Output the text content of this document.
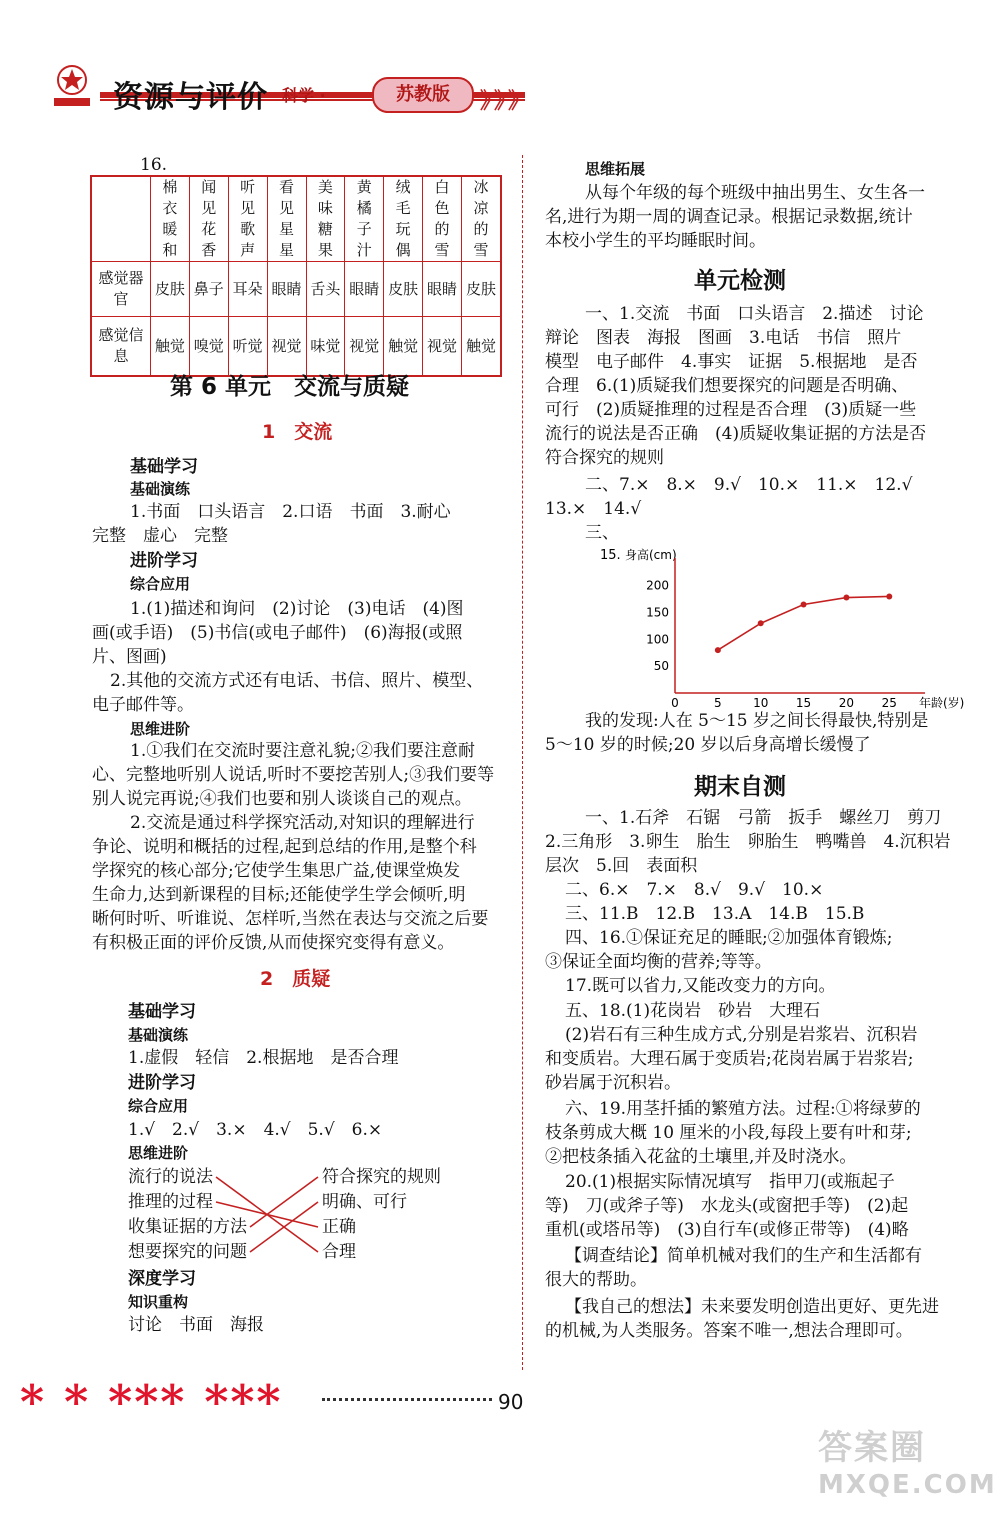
资源与评价 科学 ·	苏教版	》》》
16.
	棉衣暖和	闻见花香	听见歌声	看见星星	美味糖果	黄橘子汁	绒毛玩偶	白色的雪	冰凉的雪
感觉器官	皮肤	鼻子	耳朵	眼睛	舌头	眼睛	皮肤	眼睛	皮肤
感觉信息	触觉	嗅觉	听觉	视觉	味觉	视觉	触觉	视觉	触觉
第 6 单元　交流与质疑
1　交流
基础学习
基础演练
1.书面　口头语言　2.口语　书面　3.耐心
完整　虚心　完整
进阶学习
综合应用
1.(1)描述和询问　(2)讨论　(3)电话　(4)图
画(或手语)　(5)书信(或电子邮件)　(6)海报(或照
片、图画)
2.其他的交流方式还有电话、书信、照片、模型、
电子邮件等。
思维进阶
1.①我们在交流时要注意礼貌;②我们要注意耐
心、完整地听别人说话,听时不要挖苦别人;③我们要等
别人说完再说;④我们也要和别人谈谈自己的观点。
2.交流是通过科学探究活动,对知识的理解进行
争论、说明和概括的过程,起到总结的作用,是整个科
学探究的核心部分;它使学生集思广益,使课堂焕发
生命力,达到新课程的目标;还能使学生学会倾听,明
晰何时听、听谁说、怎样听,当然在表达与交流之后要
有积极正面的评价反馈,从而使探究变得有意义。
2　质疑
基础学习
基础演练
1.虚假　轻信　2.根据地　是否合理
进阶学习
综合应用
1.√　2.√　3.×　4.√　5.√　6.×
思维进阶
流行的说法
推理的过程
收集证据的方法
想要探究的问题
符合探究的规则
明确、可行
正确
合理
深度学习
知识重构
讨论　书面　海报
思维拓展
从每个年级的每个班级中抽出男生、女生各一
名,进行为期一周的调查记录。根据记录数据,统计
本校小学生的平均睡眠时间。
单元检测
一、1.交流　书面　口头语言　2.描述　讨论
辩论　图表　海报　图画　3.电话　书信　照片
模型　电子邮件　4.事实　证据　5.根据地　是否
合理　6.(1)质疑我们想要探究的问题是否明确、
可行　(2)质疑推理的过程是否合理　(3)质疑一些
流行的说法是否正确　(4)质疑收集证据的方法是否
符合探究的规则
二、7.×　8.×　9.√　10.×　11.×　12.√
13.×　14.√
三、
15. 身高(cm)
50
100
150
200
0	5	10 15 20 25 年龄(岁)
我的发现:人在 5～15 岁之间长得最快,特别是
5～10 岁的时候;20 岁以后身高增长缓慢了
期末自测
一、1.石斧　石锯　弓箭　扳手　螺丝刀　剪刀
2.三角形　3.卵生　胎生　卵胎生　鸭嘴兽　4.沉积岩
层次　5.回　表面积
二、6.×　7.×　8.√　9.√　10.×
三、11.B　12.B　13.A　14.B　15.B
四、16.①保证充足的睡眠;②加强体育锻炼;
③保证全面均衡的营养;等等。
17.既可以省力,又能改变力的方向。
五、18.(1)花岗岩　砂岩　大理石
(2)岩石有三种生成方式,分别是岩浆岩、沉积岩
和变质岩。大理石属于变质岩;花岗岩属于岩浆岩;
砂岩属于沉积岩。
六、19.用茎扦插的繁殖方法。过程:①将绿萝的
枝条剪成大概 10 厘米的小段,每段上要有叶和芽;
②把枝条插入花盆的土壤里,并及时浇水。
20.(1)根据实际情况填写　指甲刀(或瓶起子
等)　刀(或斧子等)　水龙头(或窗把手等)　(2)起
重机(或塔吊等)　(3)自行车(或修正带等)　(4)略
【调查结论】简单机械对我们的生产和生活都有
很大的帮助。
【我自己的想法】未来要发明创造出更好、更先进
的机械,为人类服务。答案不唯一,想法合理即可。
* * *** ***	90
答案圈
MXQE.COM
